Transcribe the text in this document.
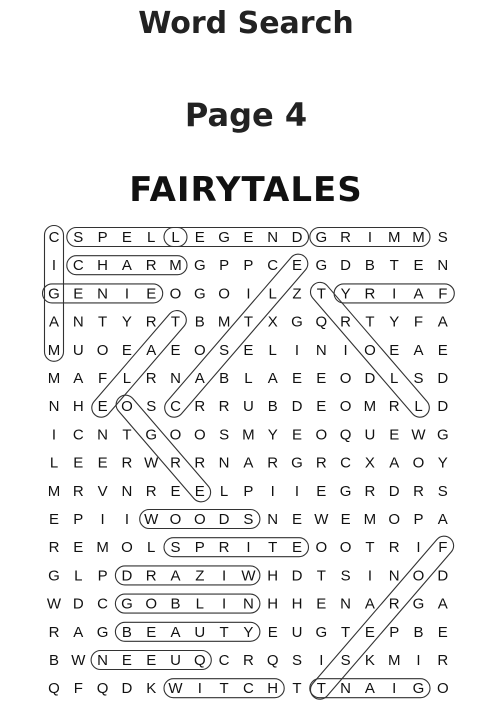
Word Search
Page 4
FAIRYTALES
C S P E L L E G E N D G R I M M S
I C H A R M G P P C E G D B T E N
G E N I E O G O I L Z T Y R I A F
A N T Y R T B M T X G Q R T Y F A
M U O E A E O S E L I N I O E A E
M A F L R N A B L A E E O D L S D
N H E O S C R R U B D E O M R L D
I C N T G O O S M Y E O Q U E W G
L E E R W R R N A R G R C X A O Y
M R V N R E E L P I I E G R D R S
E P I I W O O D S N E W E M O P A
R E M O L S P R I T E O O T R I F
G L P D R A Z I W H D T S I N O D
W D C G O B L I N H H E N A R G A
R A G B E A U T Y E U G T E P B E
B W N E E U Q C R Q S I S K M I R
Q F Q D K W I T C H T T N A I G O
